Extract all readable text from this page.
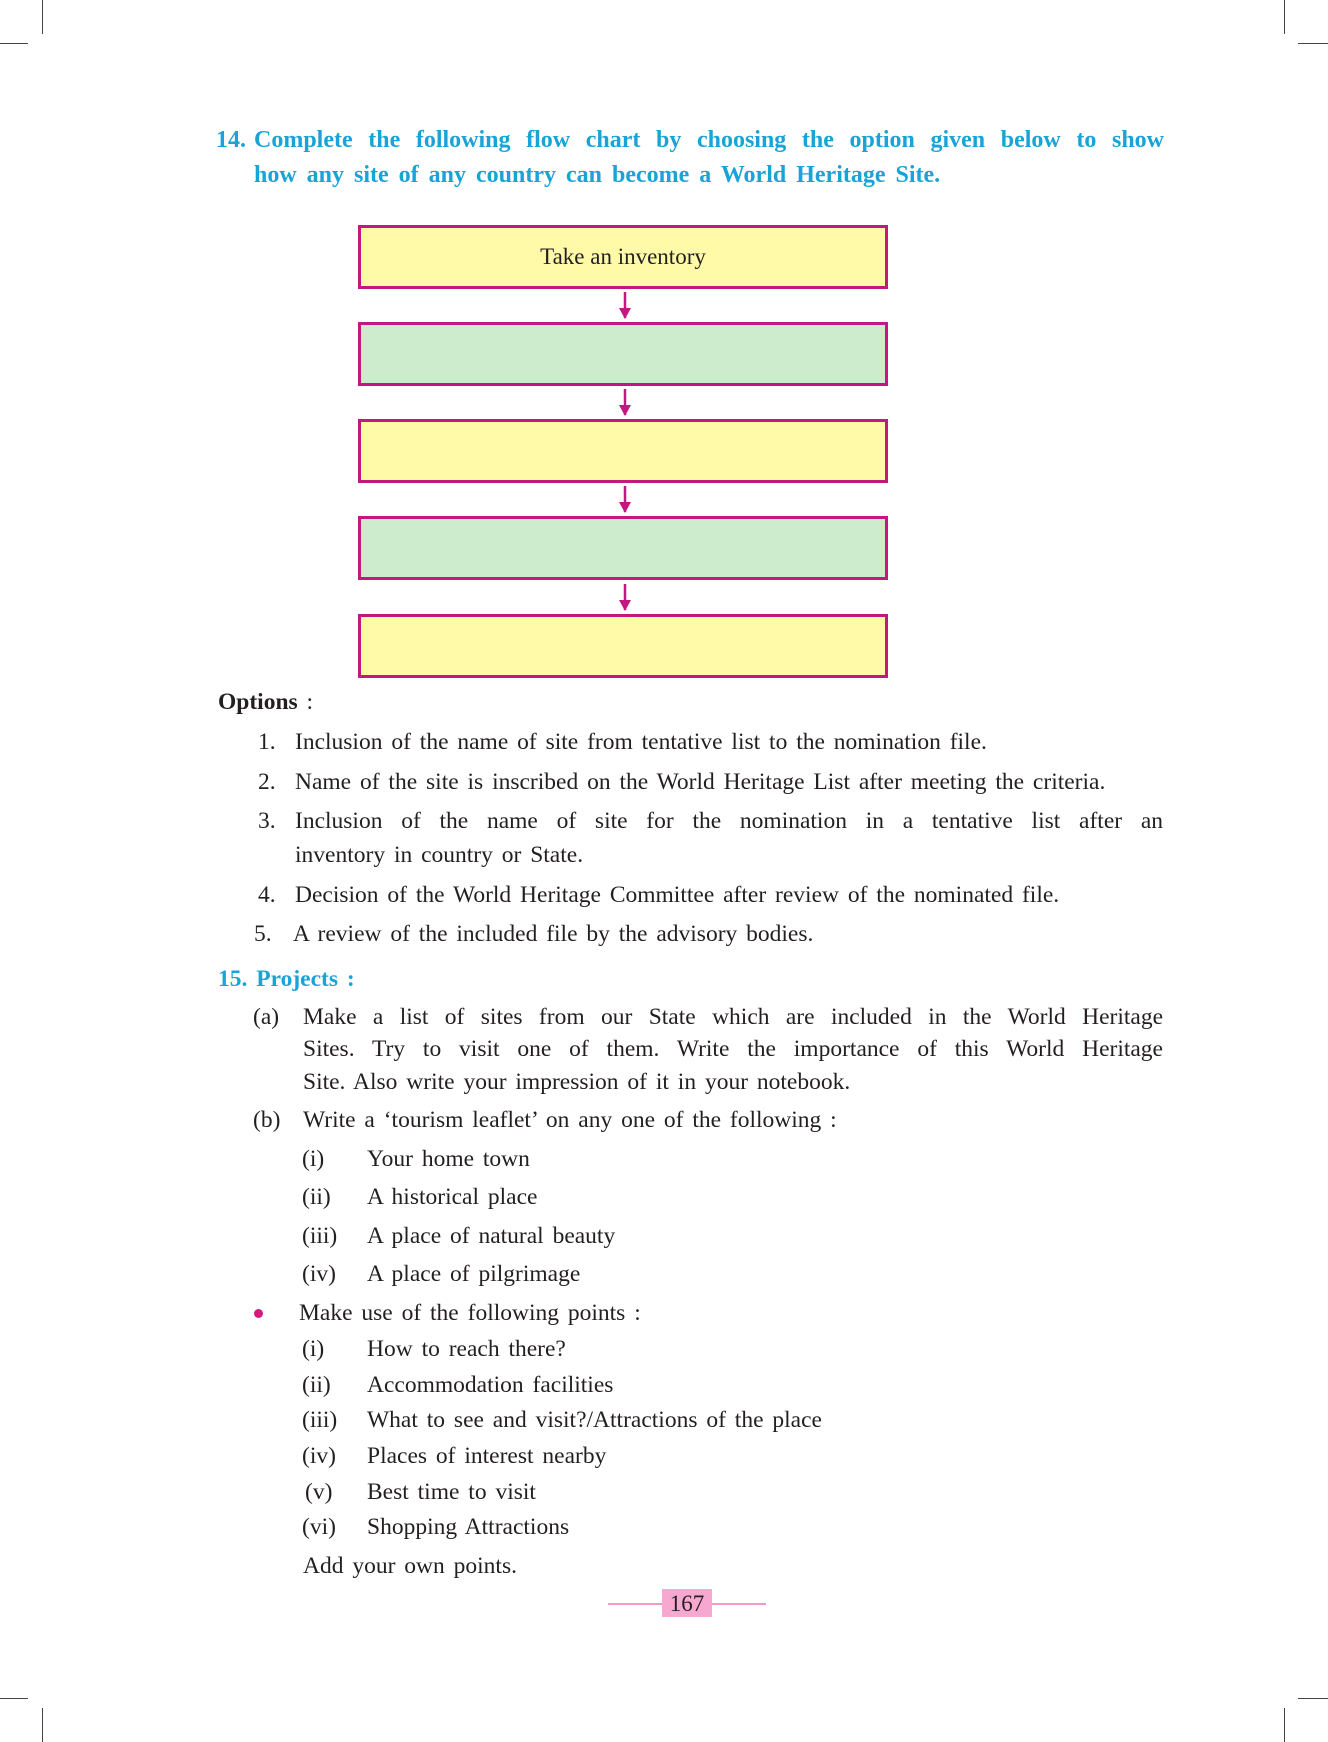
14. Complete the following flow chart by choosing the option given below to show
how any site of any country can become a World Heritage Site.
Take an inventory
Options :
1. Inclusion of the name of site from tentative list to the nomination file.
2. Name of the site is inscribed on the World Heritage List after meeting the criteria.
3. Inclusion of the name of site for the nomination in a tentative list after an
inventory in country or State.
4. Decision of the World Heritage Committee after review of the nominated file.
5. A review of the included file by the advisory bodies.
15. Projects :
(a) Make a list of sites from our State which are included in the World Heritage
Sites. Try to visit one of them. Write the importance of this World Heritage
Site. Also write your impression of it in your notebook.
(b) Write a ‘tourism leaflet’ on any one of the following :
(i) Your home town
(ii) A historical place
(iii) A place of natural beauty
(iv) A place of pilgrimage
Make use of the following points :
(i) How to reach there?
(ii) Accommodation facilities
(iii) What to see and visit?/Attractions of the place
(iv) Places of interest nearby
(v) Best time to visit
(vi) Shopping Attractions
Add your own points.
167
